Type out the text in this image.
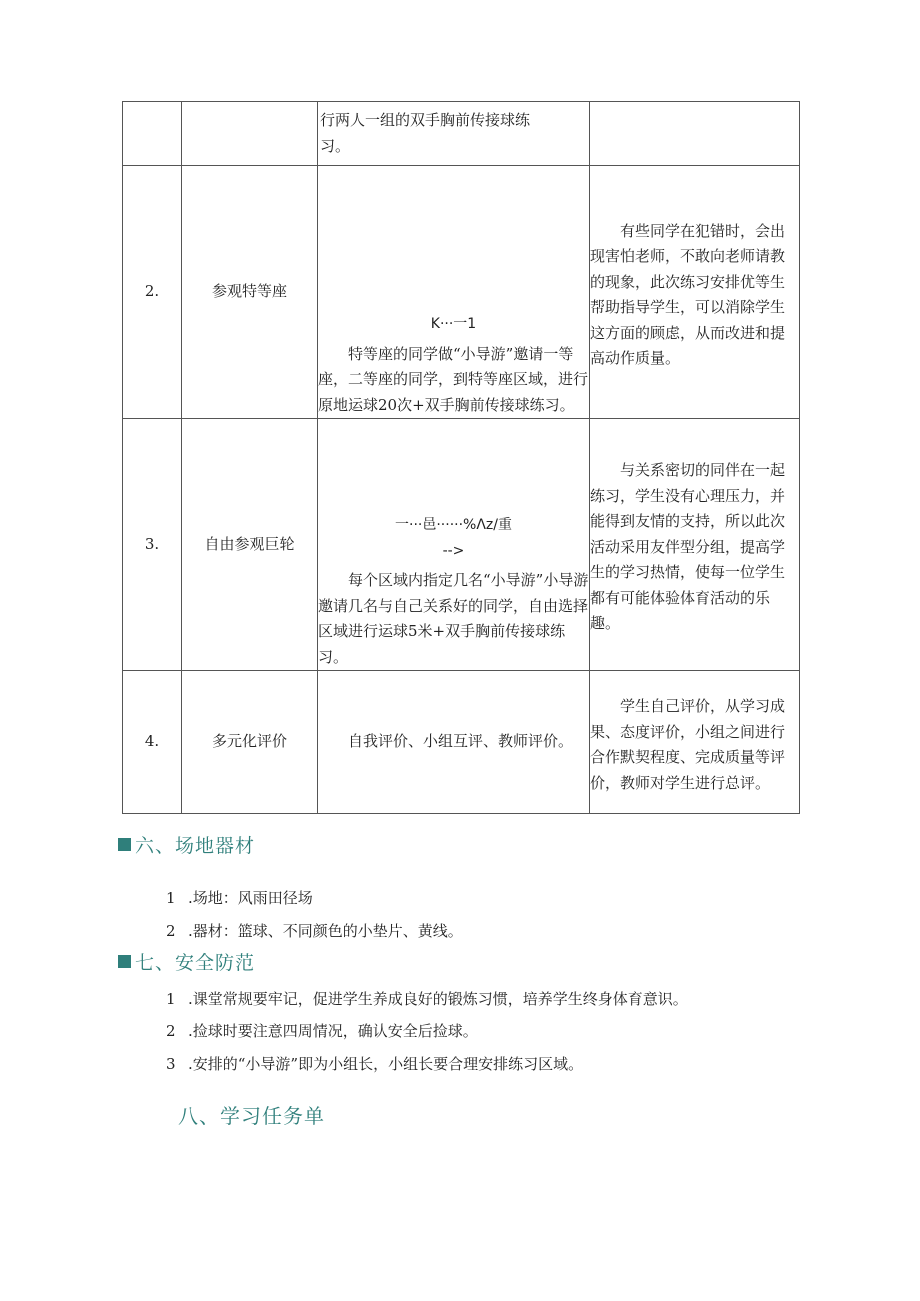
		行两人一组的双手胸前传接球练
习。	

2.	参观特等座	K···一1
特等座的同学做“小导游”邀请一等座，二等座的同学，到特等座区域，进行原地运球20次+双手胸前传接球练习。	有些同学在犯错时，会出现害怕老师，不敢向老师请教的现象，此次练习安排优等生帮助指导学生，可以消除学生这方面的顾虑，从而改进和提高动作质量。
3.	自由参观巨轮	一···邑······%Λz/重
-->
每个区域内指定几名“小导游”小导游邀请几名与自己关系好的同学，自由选择区域进行运球5米+双手胸前传接球练习。	与关系密切的同伴在一起练习，学生没有心理压力，并能得到友情的支持，所以此次活动采用友伴型分组，提高学生的学习热情，使每一位学生都有可能体验体育活动的乐趣。
4.	多元化评价	自我评价、小组互评、教师评价。	学生自己评价，从学习成果、态度评价，小组之间进行合作默契程度、完成质量等评价，教师对学生进行总评。
六、场地器材
1 .场地：风雨田径场
2 .器材：篮球、不同颜色的小垫片、黄线。
七、安全防范
1 .课堂常规要牢记，促进学生养成良好的锻炼习惯，培养学生终身体育意识。
2 .捡球时要注意四周情况，确认安全后捡球。
3 .安排的“小导游”即为小组长，小组长要合理安排练习区域。
八、学习任务单
